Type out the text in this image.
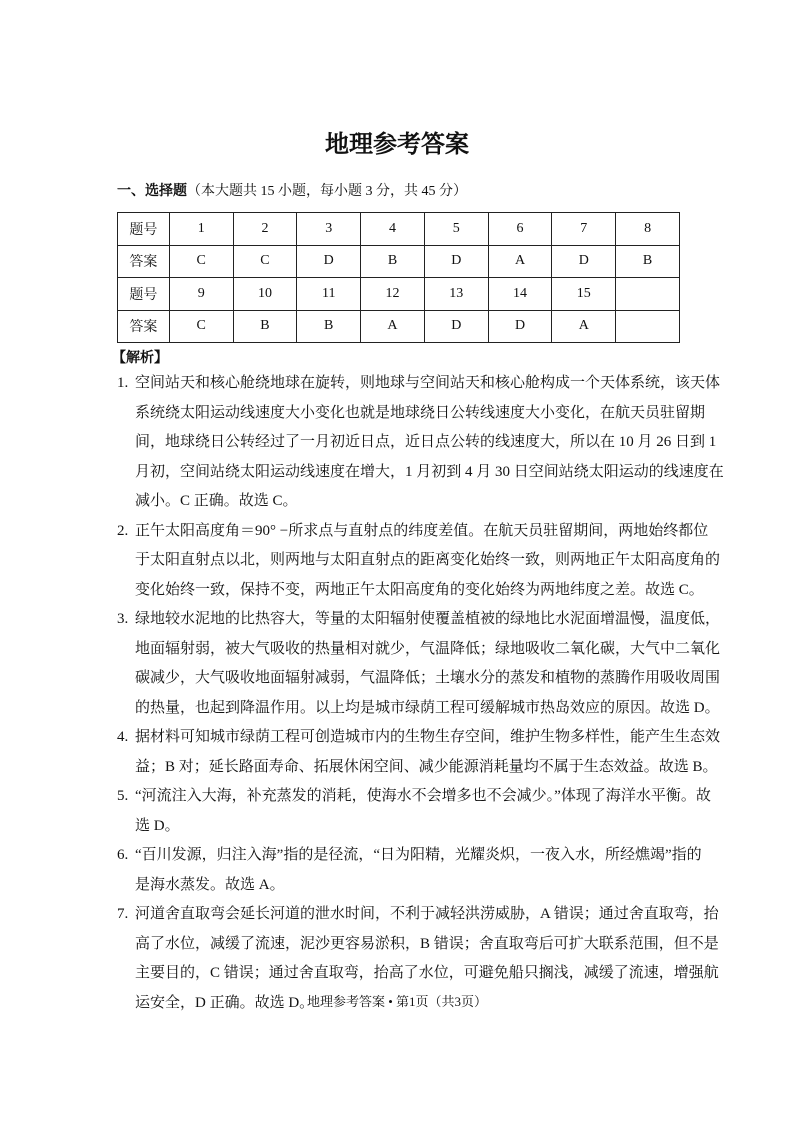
地理参考答案
一、选择题（本大题共 15 小题，每小题 3 分，共 45 分）
题号	1	2	3	4	5	6	7	8
答案	C	C	D	B	D	A	D	B
题号	9	10	11	12	13	14	15	
答案	C	B	B	A	D	D	A	
【解析】
1. 空间站天和核心舱绕地球在旋转，则地球与空间站天和核心舱构成一个天体系统，该天体
系统绕太阳运动线速度大小变化也就是地球绕日公转线速度大小变化，在航天员驻留期
间，地球绕日公转经过了一月初近日点，近日点公转的线速度大，所以在 10 月 26 日到 1
月初，空间站绕太阳运动线速度在增大，1 月初到 4 月 30 日空间站绕太阳运动的线速度在
减小。C 正确。故选 C。
2. 正午太阳高度角＝90° −所求点与直射点的纬度差值。在航天员驻留期间，两地始终都位
于太阳直射点以北，则两地与太阳直射点的距离变化始终一致，则两地正午太阳高度角的
变化始终一致，保持不变，两地正午太阳高度角的变化始终为两地纬度之差。故选 C。
3. 绿地较水泥地的比热容大，等量的太阳辐射使覆盖植被的绿地比水泥面增温慢，温度低，
地面辐射弱，被大气吸收的热量相对就少，气温降低；绿地吸收二氧化碳，大气中二氧化
碳减少，大气吸收地面辐射减弱，气温降低；土壤水分的蒸发和植物的蒸腾作用吸收周围
的热量，也起到降温作用。以上均是城市绿荫工程可缓解城市热岛效应的原因。故选 D。
4. 据材料可知城市绿荫工程可创造城市内的生物生存空间，维护生物多样性，能产生生态效
益；B 对；延长路面寿命、拓展休闲空间、减少能源消耗量均不属于生态效益。故选 B。
5. “河流注入大海，补充蒸发的消耗，使海水不会增多也不会减少。”体现了海洋水平衡。故
选 D。
6. “百川发源，归注入海”指的是径流，“日为阳精，光耀炎炽，一夜入水，所经燋竭”指的
是海水蒸发。故选 A。
7. 河道舍直取弯会延长河道的泄水时间，不利于减轻洪涝威胁，A 错误；通过舍直取弯，抬
高了水位，减缓了流速，泥沙更容易淤积，B 错误；舍直取弯后可扩大联系范围，但不是
主要目的，C 错误；通过舍直取弯，抬高了水位，可避免船只搁浅，减缓了流速，增强航
运安全，D 正确。故选 D。
地理参考答案 • 第1页（共3页）
